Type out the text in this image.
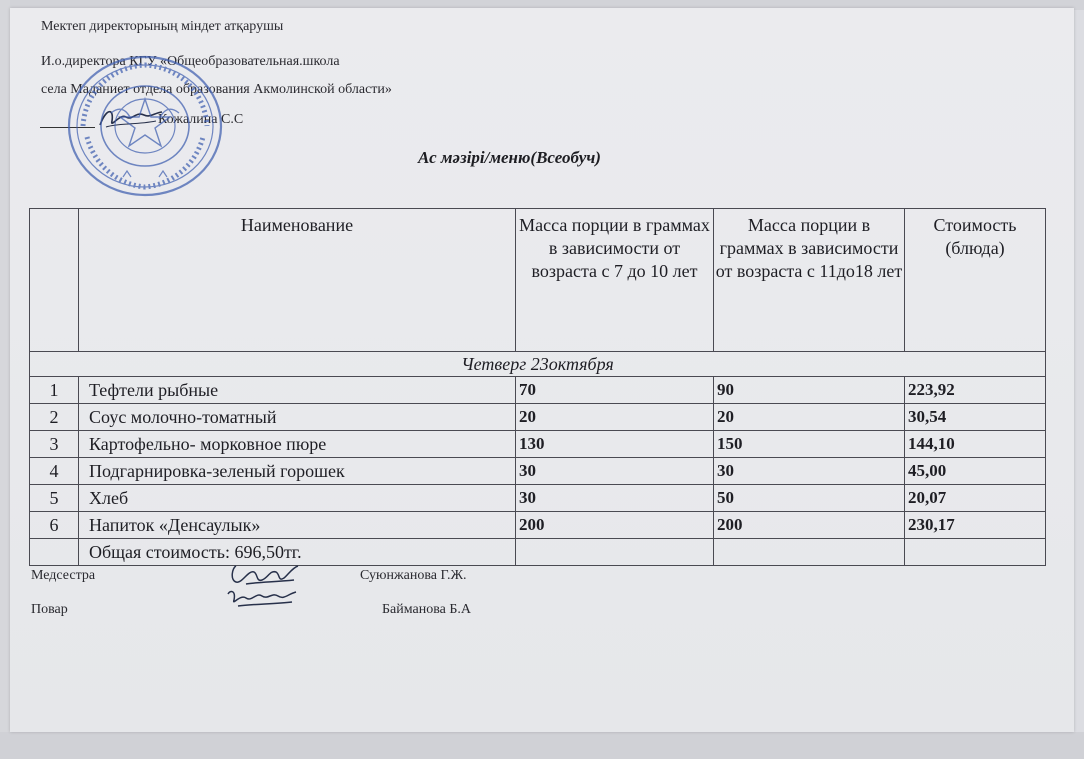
Мектеп директорының міндет атқарушы
И.о.директора КГУ «Общеобразовательная.школа
села Маданиет отдела образования Акмолинской области»
Кожалина С.С
Ас мәзірі/меню(Всеобуч)
	Наименование	Масса порции в граммах в зависимости от возраста с 7 до 10 лет	Масса порции в граммах в зависимости от возраста с 11до18 лет	Стоимость (блюда)

Четверг 23октября				
1	Тефтели рыбные	70	90	223,92
2	Соус молочно-томатный	20	20	30,54
3	Картофельно- морковное пюре	130	150	144,10
4	Подгарнировка-зеленый горошек	30	30	45,00
5	Хлеб	30	50	20,07
6	Напиток «Денсаулык»	200	200	230,17
	Общая стоимость: 696,50тг.			
Медсестра	Суюнжанова Г.Ж.
Повар	Байманова Б.А
